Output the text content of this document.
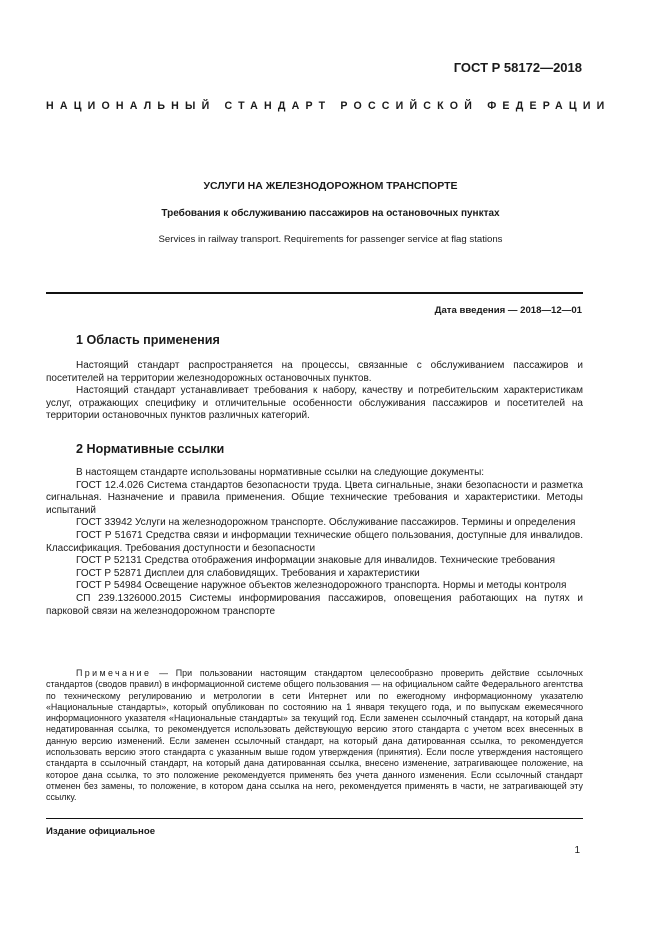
ГОСТ Р 58172—2018
НАЦИОНАЛЬНЫЙ СТАНДАРТ РОССИЙСКОЙ ФЕДЕРАЦИИ
УСЛУГИ НА ЖЕЛЕЗНОДОРОЖНОМ ТРАНСПОРТЕ
Требования к обслуживанию пассажиров на остановочных пунктах
Services in railway transport. Requirements for passenger service at flag stations
Дата введения — 2018—12—01
1 Область применения

Настоящий стандарт распространяется на процессы, связанные с обслуживанием пассажиров и посетителей на территории железнодорожных остановочных пунктов.

Настоящий стандарт устанавливает требования к набору, качеству и потребительским характеристикам услуг, отражающих специфику и отличительные особенности обслуживания пассажиров и посетителей на территории остановочных пунктов различных категорий.

2 Нормативные ссылки

В настоящем стандарте использованы нормативные ссылки на следующие документы:

ГОСТ 12.4.026 Система стандартов безопасности труда. Цвета сигнальные, знаки безопасности и разметка сигнальная. Назначение и правила применения. Общие технические требования и характеристики. Методы испытаний

ГОСТ 33942 Услуги на железнодорожном транспорте. Обслуживание пассажиров. Термины и определения

ГОСТ Р 51671 Средства связи и информации технические общего пользования, доступные для инвалидов. Классификация. Требования доступности и безопасности

ГОСТ Р 52131 Средства отображения информации знаковые для инвалидов. Технические требования

ГОСТ Р 52871 Дисплеи для слабовидящих. Требования и характеристики

ГОСТ Р 54984 Освещение наружное объектов железнодорожного транспорта. Нормы и методы контроля

СП 239.1326000.2015 Системы информирования пассажиров, оповещения работающих на путях и парковой связи на железнодорожном транспорте

Примечание — При пользовании настоящим стандартом целесообразно проверить действие ссылочных стандартов (сводов правил) в информационной системе общего пользования — на официальном сайте Федерального агентства по техническому регулированию и метрологии в сети Интернет или по ежегодному информационному указателю «Национальные стандарты», который опубликован по состоянию на 1 января текущего года, и по выпускам ежемесячного информационного указателя «Национальные стандарты» за текущий год. Если заменен ссылочный стандарт, на который дана недатированная ссылка, то рекомендуется использовать действующую версию этого стандарта с учетом всех внесенных в данную версию изменений. Если заменен ссылочный стандарт, на который дана датированная ссылка, то рекомендуется использовать версию этого стандарта с указанным выше годом утверждения (принятия). Если после утверждения настоящего стандарта в ссылочный стандарт, на который дана датированная ссылка, внесено изменение, затрагивающее положение, на которое дана ссылка, то это положение рекомендуется применять без учета данного изменения. Если ссылочный стандарт отменен без замены, то положение, в котором дана ссылка на него, рекомендуется применять в части, не затрагивающей эту ссылку.

Издание официальное
1
